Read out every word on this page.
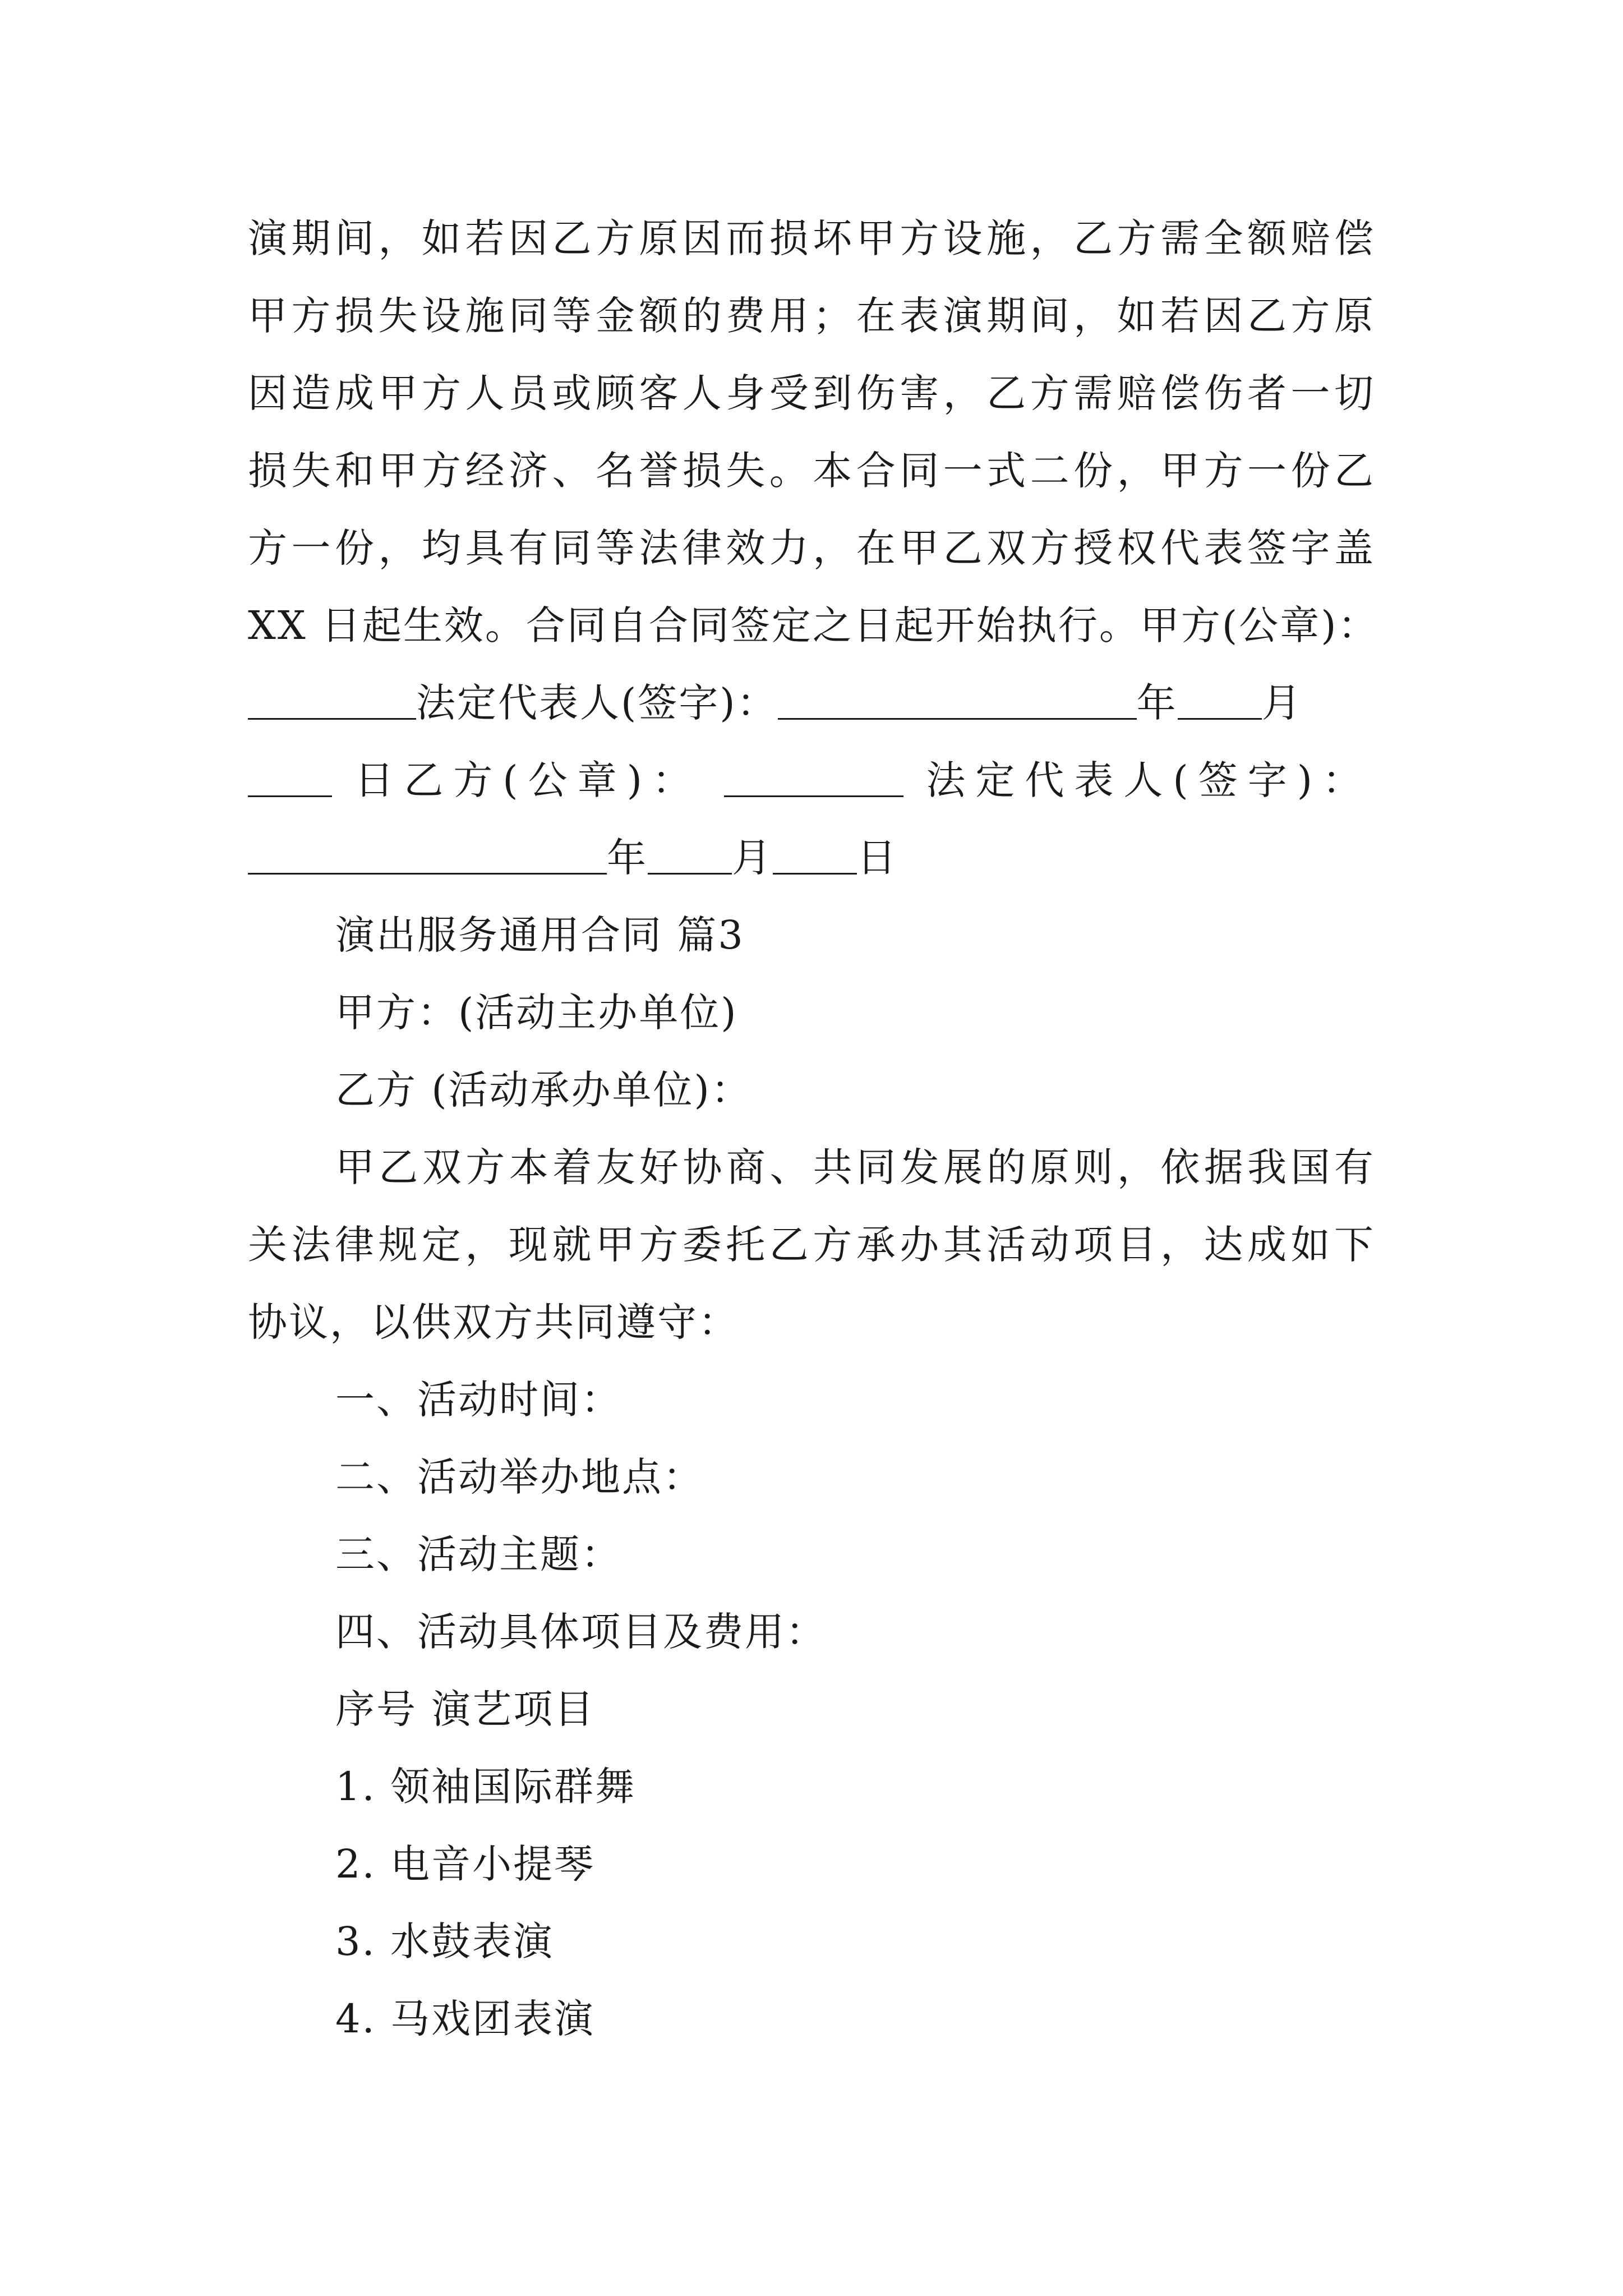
演期间，如若因乙方原因而损坏甲方设施，乙方需全额赔偿
甲方损失设施同等金额的费用；在表演期间，如若因乙方原
因造成甲方人员或顾客人身受到伤害，乙方需赔偿伤者一切
损失和甲方经济、名誉损失。本合同一式二份，甲方一份乙
方一份，均具有同等法律效力，在甲乙双方授权代表签字盖
XX 日起生效。合同自合同签定之日起开始执行。甲方(公章)：
法定代表人(签字)：	年 月
日乙方(公章)：	法定代表人(签字)：
年 月 日
演出服务通用合同 篇3
甲方：(活动主办单位)
乙方 (活动承办单位)：
甲乙双方本着友好协商、共同发展的原则，依据我国有
关法律规定，现就甲方委托乙方承办其活动项目，达成如下
协议，以供双方共同遵守：
一、活动时间：
二、活动举办地点：
三、活动主题：
四、活动具体项目及费用：
序号 演艺项目
1. 领袖国际群舞
2. 电音小提琴
3. 水鼓表演
4. 马戏团表演
